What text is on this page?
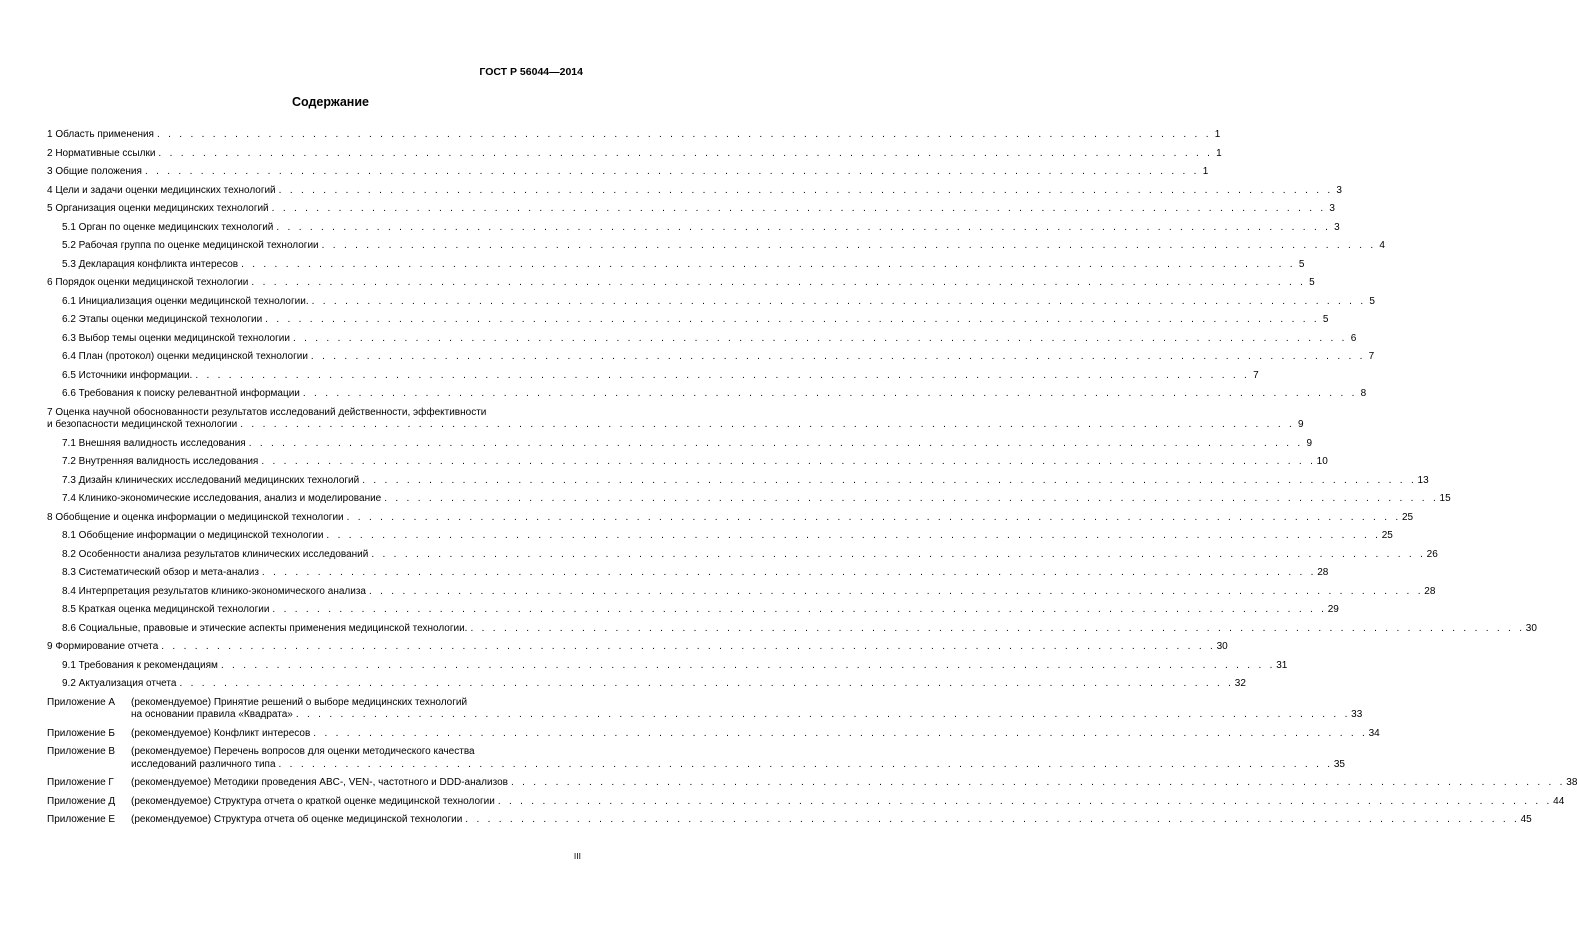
ГОСТ Р 56044—2014
Содержание
1 Область применения . . . . . . . . . . . . . . . . . . . . . . . . . . . . . . . . . . . . . . . . . . . . . . . . . . . . . . . . . . . . . . . . . . . . . . . . . . . . . . . . . . . . . . . . . . . . . . . 1
2 Нормативные ссылки . . . . . . . . . . . . . . . . . . . . . . . . . . . . . . . . . . . . . . . . . . . . . . . . . . . . . . . . . . . . . . . . . . . . . . . . . . . . . . . . . . . . . . . . . . . . . . . 1
3 Общие положения . . . . . . . . . . . . . . . . . . . . . . . . . . . . . . . . . . . . . . . . . . . . . . . . . . . . . . . . . . . . . . . . . . . . . . . . . . . . . . . . . . . . . . . . . . . . . . . 1
4 Цели и задачи оценки медицинских технологий . . . . . . . . . . . . . . . . . . . . . . . . . . . . . . . . . . . . . . . . . . . . . . . . . . . . . . . . . . . . . . . . . . . . . . . . . . . . . . . . . . . . . . . . . . . . . . . 3
5 Организация оценки медицинских технологий . . . . . . . . . . . . . . . . . . . . . . . . . . . . . . . . . . . . . . . . . . . . . . . . . . . . . . . . . . . . . . . . . . . . . . . . . . . . . . . . . . . . . . . . . . . . . . . 3
5.1 Орган по оценке медицинских технологий . . . . . . . . . . . . . . . . . . . . . . . . . . . . . . . . . . . . . . . . . . . . . . . . . . . . . . . . . . . . . . . . . . . . . . . . . . . . . . . . . . . . . . . . . . . . . . . 3
5.2 Рабочая группа по оценке медицинской технологии . . . . . . . . . . . . . . . . . . . . . . . . . . . . . . . . . . . . . . . . . . . . . . . . . . . . . . . . . . . . . . . . . . . . . . . . . . . . . . . . . . . . . . . . . . . . . . . 4
5.3 Декларация конфликта интересов . . . . . . . . . . . . . . . . . . . . . . . . . . . . . . . . . . . . . . . . . . . . . . . . . . . . . . . . . . . . . . . . . . . . . . . . . . . . . . . . . . . . . . . . . . . . . . . 5
6 Порядок оценки медицинской технологии . . . . . . . . . . . . . . . . . . . . . . . . . . . . . . . . . . . . . . . . . . . . . . . . . . . . . . . . . . . . . . . . . . . . . . . . . . . . . . . . . . . . . . . . . . . . . . . 5
6.1 Инициализация оценки медицинской технологии. . . . . . . . . . . . . . . . . . . . . . . . . . . . . . . . . . . . . . . . . . . . . . . . . . . . . . . . . . . . . . . . . . . . . . . . . . . . . . . . . . . . . . . . . . . . . . . . 5
6.2 Этапы оценки медицинской технологии . . . . . . . . . . . . . . . . . . . . . . . . . . . . . . . . . . . . . . . . . . . . . . . . . . . . . . . . . . . . . . . . . . . . . . . . . . . . . . . . . . . . . . . . . . . . . . . 5
6.3 Выбор темы оценки медицинской технологии . . . . . . . . . . . . . . . . . . . . . . . . . . . . . . . . . . . . . . . . . . . . . . . . . . . . . . . . . . . . . . . . . . . . . . . . . . . . . . . . . . . . . . . . . . . . . . . 6
6.4 План (протокол) оценки медицинской технологии . . . . . . . . . . . . . . . . . . . . . . . . . . . . . . . . . . . . . . . . . . . . . . . . . . . . . . . . . . . . . . . . . . . . . . . . . . . . . . . . . . . . . . . . . . . . . . . 7
6.5 Источники информации. . . . . . . . . . . . . . . . . . . . . . . . . . . . . . . . . . . . . . . . . . . . . . . . . . . . . . . . . . . . . . . . . . . . . . . . . . . . . . . . . . . . . . . . . . . . . . . . 7
6.6 Требования к поиску релевантной информации . . . . . . . . . . . . . . . . . . . . . . . . . . . . . . . . . . . . . . . . . . . . . . . . . . . . . . . . . . . . . . . . . . . . . . . . . . . . . . . . . . . . . . . . . . . . . . . 8
7 Оценка научной обоснованности результатов исследований действенности, эффективности
и безопасности медицинской технологии . . . . . . . . . . . . . . . . . . . . . . . . . . . . . . . . . . . . . . . . . . . . . . . . . . . . . . . . . . . . . . . . . . . . . . . . . . . . . . . . . . . . . . . . . . . . . . . 9
7.1 Внешняя валидность исследования . . . . . . . . . . . . . . . . . . . . . . . . . . . . . . . . . . . . . . . . . . . . . . . . . . . . . . . . . . . . . . . . . . . . . . . . . . . . . . . . . . . . . . . . . . . . . . . 9
7.2 Внутренняя валидность исследования . . . . . . . . . . . . . . . . . . . . . . . . . . . . . . . . . . . . . . . . . . . . . . . . . . . . . . . . . . . . . . . . . . . . . . . . . . . . . . . . . . . . . . . . . . . . . . . 10
7.3 Дизайн клинических исследований медицинских технологий . . . . . . . . . . . . . . . . . . . . . . . . . . . . . . . . . . . . . . . . . . . . . . . . . . . . . . . . . . . . . . . . . . . . . . . . . . . . . . . . . . . . . . . . . . . . . . . 13
7.4 Клинико-экономические исследования, анализ и моделирование . . . . . . . . . . . . . . . . . . . . . . . . . . . . . . . . . . . . . . . . . . . . . . . . . . . . . . . . . . . . . . . . . . . . . . . . . . . . . . . . . . . . . . . . . . . . . . . 15
8 Обобщение и оценка информации о медицинской технологии . . . . . . . . . . . . . . . . . . . . . . . . . . . . . . . . . . . . . . . . . . . . . . . . . . . . . . . . . . . . . . . . . . . . . . . . . . . . . . . . . . . . . . . . . . . . . . . 25
8.1 Обобщение информации о медицинской технологии . . . . . . . . . . . . . . . . . . . . . . . . . . . . . . . . . . . . . . . . . . . . . . . . . . . . . . . . . . . . . . . . . . . . . . . . . . . . . . . . . . . . . . . . . . . . . . . 25
8.2 Особенности анализа результатов клинических исследований . . . . . . . . . . . . . . . . . . . . . . . . . . . . . . . . . . . . . . . . . . . . . . . . . . . . . . . . . . . . . . . . . . . . . . . . . . . . . . . . . . . . . . . . . . . . . . . 26
8.3 Систематический обзор и мета-анализ . . . . . . . . . . . . . . . . . . . . . . . . . . . . . . . . . . . . . . . . . . . . . . . . . . . . . . . . . . . . . . . . . . . . . . . . . . . . . . . . . . . . . . . . . . . . . . . 28
8.4 Интерпретация результатов клинико-экономического анализа . . . . . . . . . . . . . . . . . . . . . . . . . . . . . . . . . . . . . . . . . . . . . . . . . . . . . . . . . . . . . . . . . . . . . . . . . . . . . . . . . . . . . . . . . . . . . . . 28
8.5 Краткая оценка медицинской технологии . . . . . . . . . . . . . . . . . . . . . . . . . . . . . . . . . . . . . . . . . . . . . . . . . . . . . . . . . . . . . . . . . . . . . . . . . . . . . . . . . . . . . . . . . . . . . . . 29
8.6 Социальные, правовые и этические аспекты применения медицинской технологии. . . . . . . . . . . . . . . . . . . . . . . . . . . . . . . . . . . . . . . . . . . . . . . . . . . . . . . . . . . . . . . . . . . . . . . . . . . . . . . . . . . . . . . . . . . . . . . . 30
9 Формирование отчета . . . . . . . . . . . . . . . . . . . . . . . . . . . . . . . . . . . . . . . . . . . . . . . . . . . . . . . . . . . . . . . . . . . . . . . . . . . . . . . . . . . . . . . . . . . . . . . 30
9.1 Требования к рекомендациям . . . . . . . . . . . . . . . . . . . . . . . . . . . . . . . . . . . . . . . . . . . . . . . . . . . . . . . . . . . . . . . . . . . . . . . . . . . . . . . . . . . . . . . . . . . . . . . 31
9.2 Актуализация отчета . . . . . . . . . . . . . . . . . . . . . . . . . . . . . . . . . . . . . . . . . . . . . . . . . . . . . . . . . . . . . . . . . . . . . . . . . . . . . . . . . . . . . . . . . . . . . . . 32
Приложение А	(рекомендуемое) Принятие решений о выборе медицинских технологий
на основании правила «Квадрата» . . . . . . . . . . . . . . . . . . . . . . . . . . . . . . . . . . . . . . . . . . . . . . . . . . . . . . . . . . . . . . . . . . . . . . . . . . . . . . . . . . . . . . . . . . . . . . . 33
Приложение Б	(рекомендуемое) Конфликт интересов . . . . . . . . . . . . . . . . . . . . . . . . . . . . . . . . . . . . . . . . . . . . . . . . . . . . . . . . . . . . . . . . . . . . . . . . . . . . . . . . . . . . . . . . . . . . . . . 34
Приложение В	(рекомендуемое) Перечень вопросов для оценки методического качества
исследований различного типа . . . . . . . . . . . . . . . . . . . . . . . . . . . . . . . . . . . . . . . . . . . . . . . . . . . . . . . . . . . . . . . . . . . . . . . . . . . . . . . . . . . . . . . . . . . . . . . 35
Приложение Г	(рекомендуемое) Методики проведения ABC-, VEN-, частотного и DDD-анализов . . . . . . . . . . . . . . . . . . . . . . . . . . . . . . . . . . . . . . . . . . . . . . . . . . . . . . . . . . . . . . . . . . . . . . . . . . . . . . . . . . . . . . . . . . . . . . . 38
Приложение Д	(рекомендуемое) Структура отчета о краткой оценке медицинской технологии . . . . . . . . . . . . . . . . . . . . . . . . . . . . . . . . . . . . . . . . . . . . . . . . . . . . . . . . . . . . . . . . . . . . . . . . . . . . . . . . . . . . . . . . . . . . . . . 44
Приложение Е	(рекомендуемое) Структура отчета об оценке медицинской технологии . . . . . . . . . . . . . . . . . . . . . . . . . . . . . . . . . . . . . . . . . . . . . . . . . . . . . . . . . . . . . . . . . . . . . . . . . . . . . . . . . . . . . . . . . . . . . . . 45
III
